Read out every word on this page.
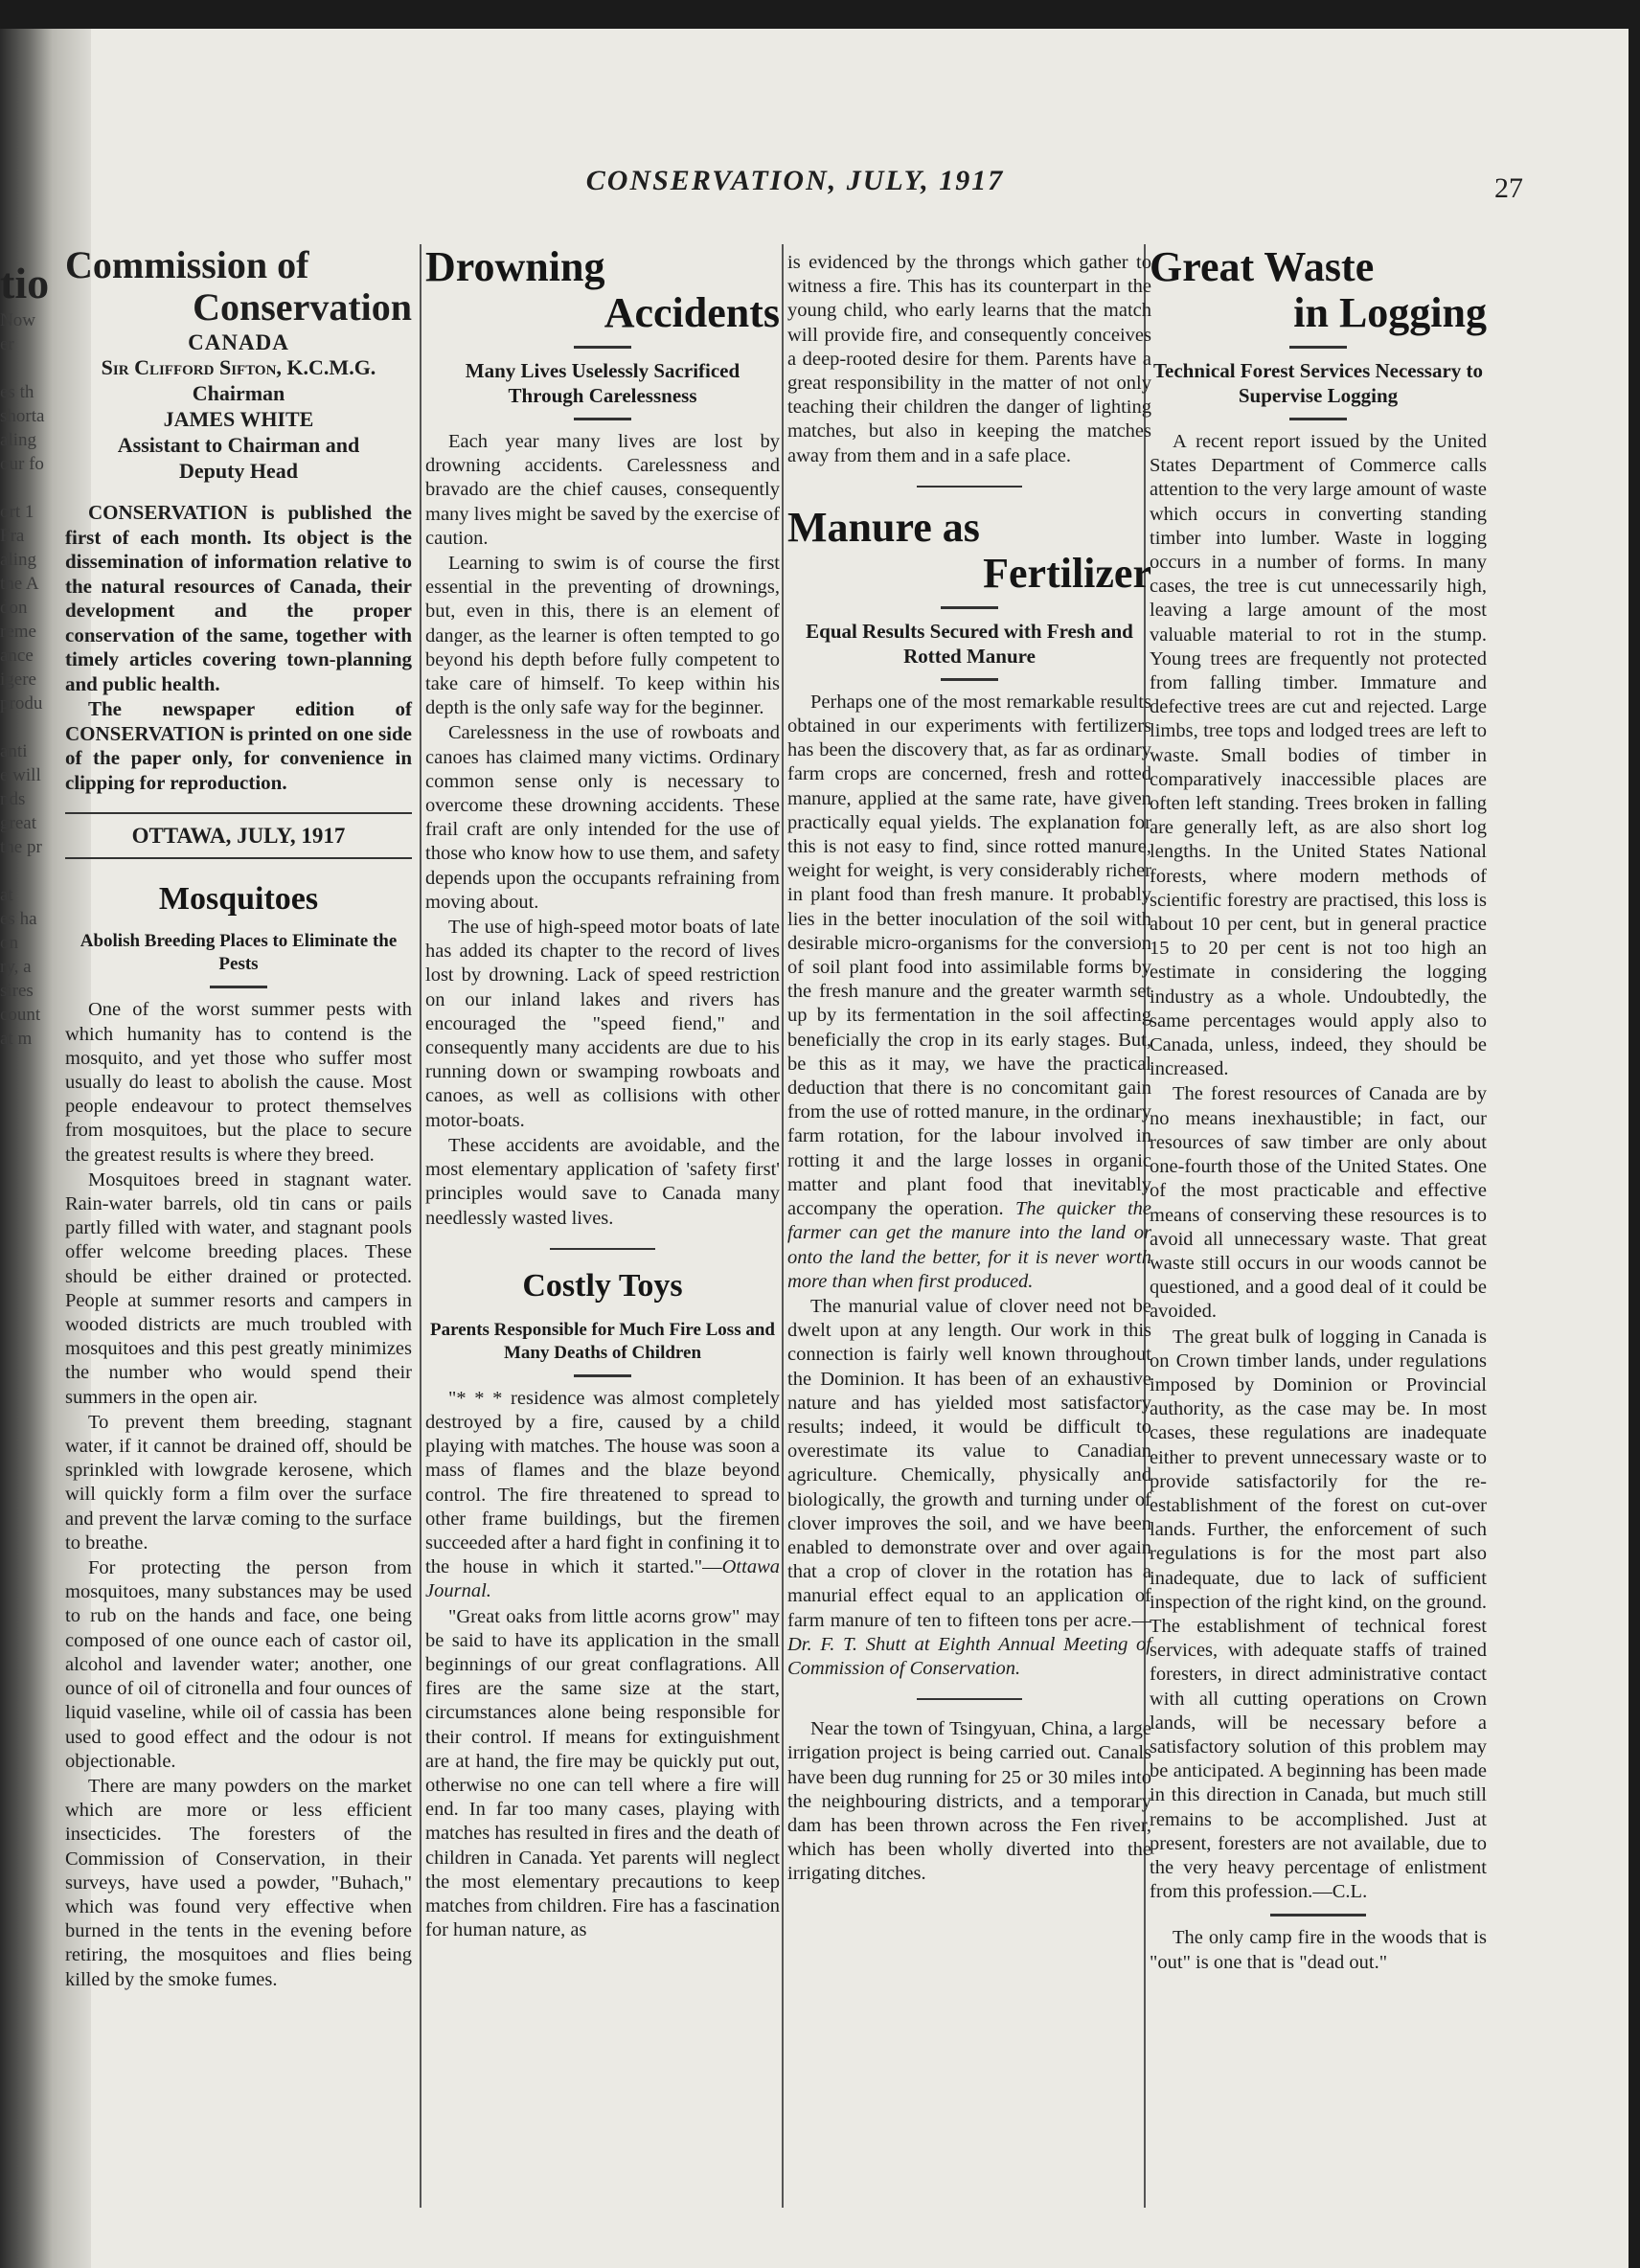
tio
Now
er
es th
shorta
aling
our fo
ort 1
Fra
aling
the A
don
reme
ance
igere
produ
anti
e will
nds
great
the pr
at
es ha
on
ry, a
sires
count
at m
CONSERVATION, JULY, 1917	27
Commission of
Conservation
CANADA
Sir Clifford Sifton, K.C.M.G.
Chairman
JAMES WHITE
Assistant to Chairman and
Deputy Head

CONSERVATION is published the first of each month. Its object is the dissemination of information relative to the natural resources of Canada, their development and the proper conservation of the same, together with timely articles covering town-planning and public health.

The newspaper edition of CONSERVATION is printed on one side of the paper only, for convenience in clipping for reproduction.

OTTAWA, JULY, 1917
Mosquitoes
Abolish Breeding Places to Eliminate the Pests

One of the worst summer pests with which humanity has to contend is the mosquito, and yet those who suffer most usually do least to abolish the cause. Most people endeavour to protect themselves from mosquitoes, but the place to secure the greatest results is where they breed.

Mosquitoes breed in stagnant water. Rain-water barrels, old tin cans or pails partly filled with water, and stagnant pools offer welcome breeding places. These should be either drained or protected. People at summer resorts and campers in wooded districts are much troubled with mosquitoes and this pest greatly minimizes the number who would spend their summers in the open air.

To prevent them breeding, stagnant water, if it cannot be drained off, should be sprinkled with lowgrade kerosene, which will quickly form a film over the surface and prevent the larvæ coming to the surface to breathe.

For protecting the person from mosquitoes, many substances may be used to rub on the hands and face, one being composed of one ounce each of castor oil, alcohol and lavender water; another, one ounce of oil of citronella and four ounces of liquid vaseline, while oil of cassia has been used to good effect and the odour is not objectionable.

There are many powders on the market which are more or less efficient insecticides. The foresters of the Commission of Conservation, in their surveys, have used a powder, "Buhach," which was found very effective when burned in the tents in the evening before retiring, the mosquitoes and flies being killed by the smoke fumes.

Drowning
Accidents
Many Lives Uselessly Sacrificed Through Carelessness

Each year many lives are lost by drowning accidents. Carelessness and bravado are the chief causes, consequently many lives might be saved by the exercise of caution.

Learning to swim is of course the first essential in the preventing of drownings, but, even in this, there is an element of danger, as the learner is often tempted to go beyond his depth before fully competent to take care of himself. To keep within his depth is the only safe way for the beginner.

Carelessness in the use of rowboats and canoes has claimed many victims. Ordinary common sense only is necessary to overcome these drowning accidents. These frail craft are only intended for the use of those who know how to use them, and safety depends upon the occupants refraining from moving about.

The use of high-speed motor boats of late has added its chapter to the record of lives lost by drowning. Lack of speed restriction on our inland lakes and rivers has encouraged the "speed fiend," and consequently many accidents are due to his running down or swamping rowboats and canoes, as well as collisions with other motor-boats.

These accidents are avoidable, and the most elementary application of 'safety first' principles would save to Canada many needlessly wasted lives.

Costly Toys
Parents Responsible for Much Fire Loss and Many Deaths of Children

"* * * residence was almost completely destroyed by a fire, caused by a child playing with matches. The house was soon a mass of flames and the blaze beyond control. The fire threatened to spread to other frame buildings, but the firemen succeeded after a hard fight in confining it to the house in which it started."—Ottawa Journal.

"Great oaks from little acorns grow" may be said to have its application in the small beginnings of our great conflagrations. All fires are the same size at the start, circumstances alone being responsible for their control. If means for extinguishment are at hand, the fire may be quickly put out, otherwise no one can tell where a fire will end. In far too many cases, playing with matches has resulted in fires and the death of children in Canada. Yet parents will neglect the most elementary precautions to keep matches from children. Fire has a fascination for human nature, as

is evidenced by the throngs which gather to witness a fire. This has its counterpart in the young child, who early learns that the match will provide fire, and consequently conceives a deep-rooted desire for them. Parents have a great responsibility in the matter of not only teaching their children the danger of lighting matches, but also in keeping the matches away from them and in a safe place.

Manure as
Fertilizer
Equal Results Secured with Fresh and Rotted Manure

Perhaps one of the most remarkable results obtained in our experiments with fertilizers has been the discovery that, as far as ordinary farm crops are concerned, fresh and rotted manure, applied at the same rate, have given practically equal yields. The explanation for this is not easy to find, since rotted manure, weight for weight, is very considerably richer in plant food than fresh manure. It probably lies in the better inoculation of the soil with desirable micro-organisms for the conversion of soil plant food into assimilable forms by the fresh manure and the greater warmth set up by its fermentation in the soil affecting beneficially the crop in its early stages. But, be this as it may, we have the practical deduction that there is no concomitant gain from the use of rotted manure, in the ordinary farm rotation, for the labour involved in rotting it and the large losses in organic matter and plant food that inevitably accompany the operation. The quicker the farmer can get the manure into the land or onto the land the better, for it is never worth more than when first produced.

The manurial value of clover need not be dwelt upon at any length. Our work in this connection is fairly well known throughout the Dominion. It has been of an exhaustive nature and has yielded most satisfactory results; indeed, it would be difficult to overestimate its value to Canadian agriculture. Chemically, physically and biologically, the growth and turning under of clover improves the soil, and we have been enabled to demonstrate over and over again that a crop of clover in the rotation has a manurial effect equal to an application of farm manure of ten to fifteen tons per acre.—Dr. F. T. Shutt at Eighth Annual Meeting of Commission of Conservation.

Near the town of Tsingyuan, China, a large irrigation project is being carried out. Canals have been dug running for 25 or 30 miles into the neighbouring districts, and a temporary dam has been thrown across the Fen river, which has been wholly diverted into the irrigating ditches.

Great Waste
in Logging
Technical Forest Services Necessary to Supervise Logging

A recent report issued by the United States Department of Commerce calls attention to the very large amount of waste which occurs in converting standing timber into lumber. Waste in logging occurs in a number of forms. In many cases, the tree is cut unnecessarily high, leaving a large amount of the most valuable material to rot in the stump. Young trees are frequently not protected from falling timber. Immature and defective trees are cut and rejected. Large limbs, tree tops and lodged trees are left to waste. Small bodies of timber in comparatively inaccessible places are often left standing. Trees broken in falling are generally left, as are also short log lengths. In the United States National forests, where modern methods of scientific forestry are practised, this loss is about 10 per cent, but in general practice 15 to 20 per cent is not too high an estimate in considering the logging industry as a whole. Undoubtedly, the same percentages would apply also to Canada, unless, indeed, they should be increased.

The forest resources of Canada are by no means inexhaustible; in fact, our resources of saw timber are only about one-fourth those of the United States. One of the most practicable and effective means of conserving these resources is to avoid all unnecessary waste. That great waste still occurs in our woods cannot be questioned, and a good deal of it could be avoided.

The great bulk of logging in Canada is on Crown timber lands, under regulations imposed by Dominion or Provincial authority, as the case may be. In most cases, these regulations are inadequate either to prevent unnecessary waste or to provide satisfactorily for the re-establishment of the forest on cut-over lands. Further, the enforcement of such regulations is for the most part also inadequate, due to lack of sufficient inspection of the right kind, on the ground. The establishment of technical forest services, with adequate staffs of trained foresters, in direct administrative contact with all cutting operations on Crown lands, will be necessary before a satisfactory solution of this problem may be anticipated. A beginning has been made in this direction in Canada, but much still remains to be accomplished. Just at present, foresters are not available, due to the very heavy percentage of enlistment from this profession.—C.L.

The only camp fire in the woods that is "out" is one that is "dead out."
